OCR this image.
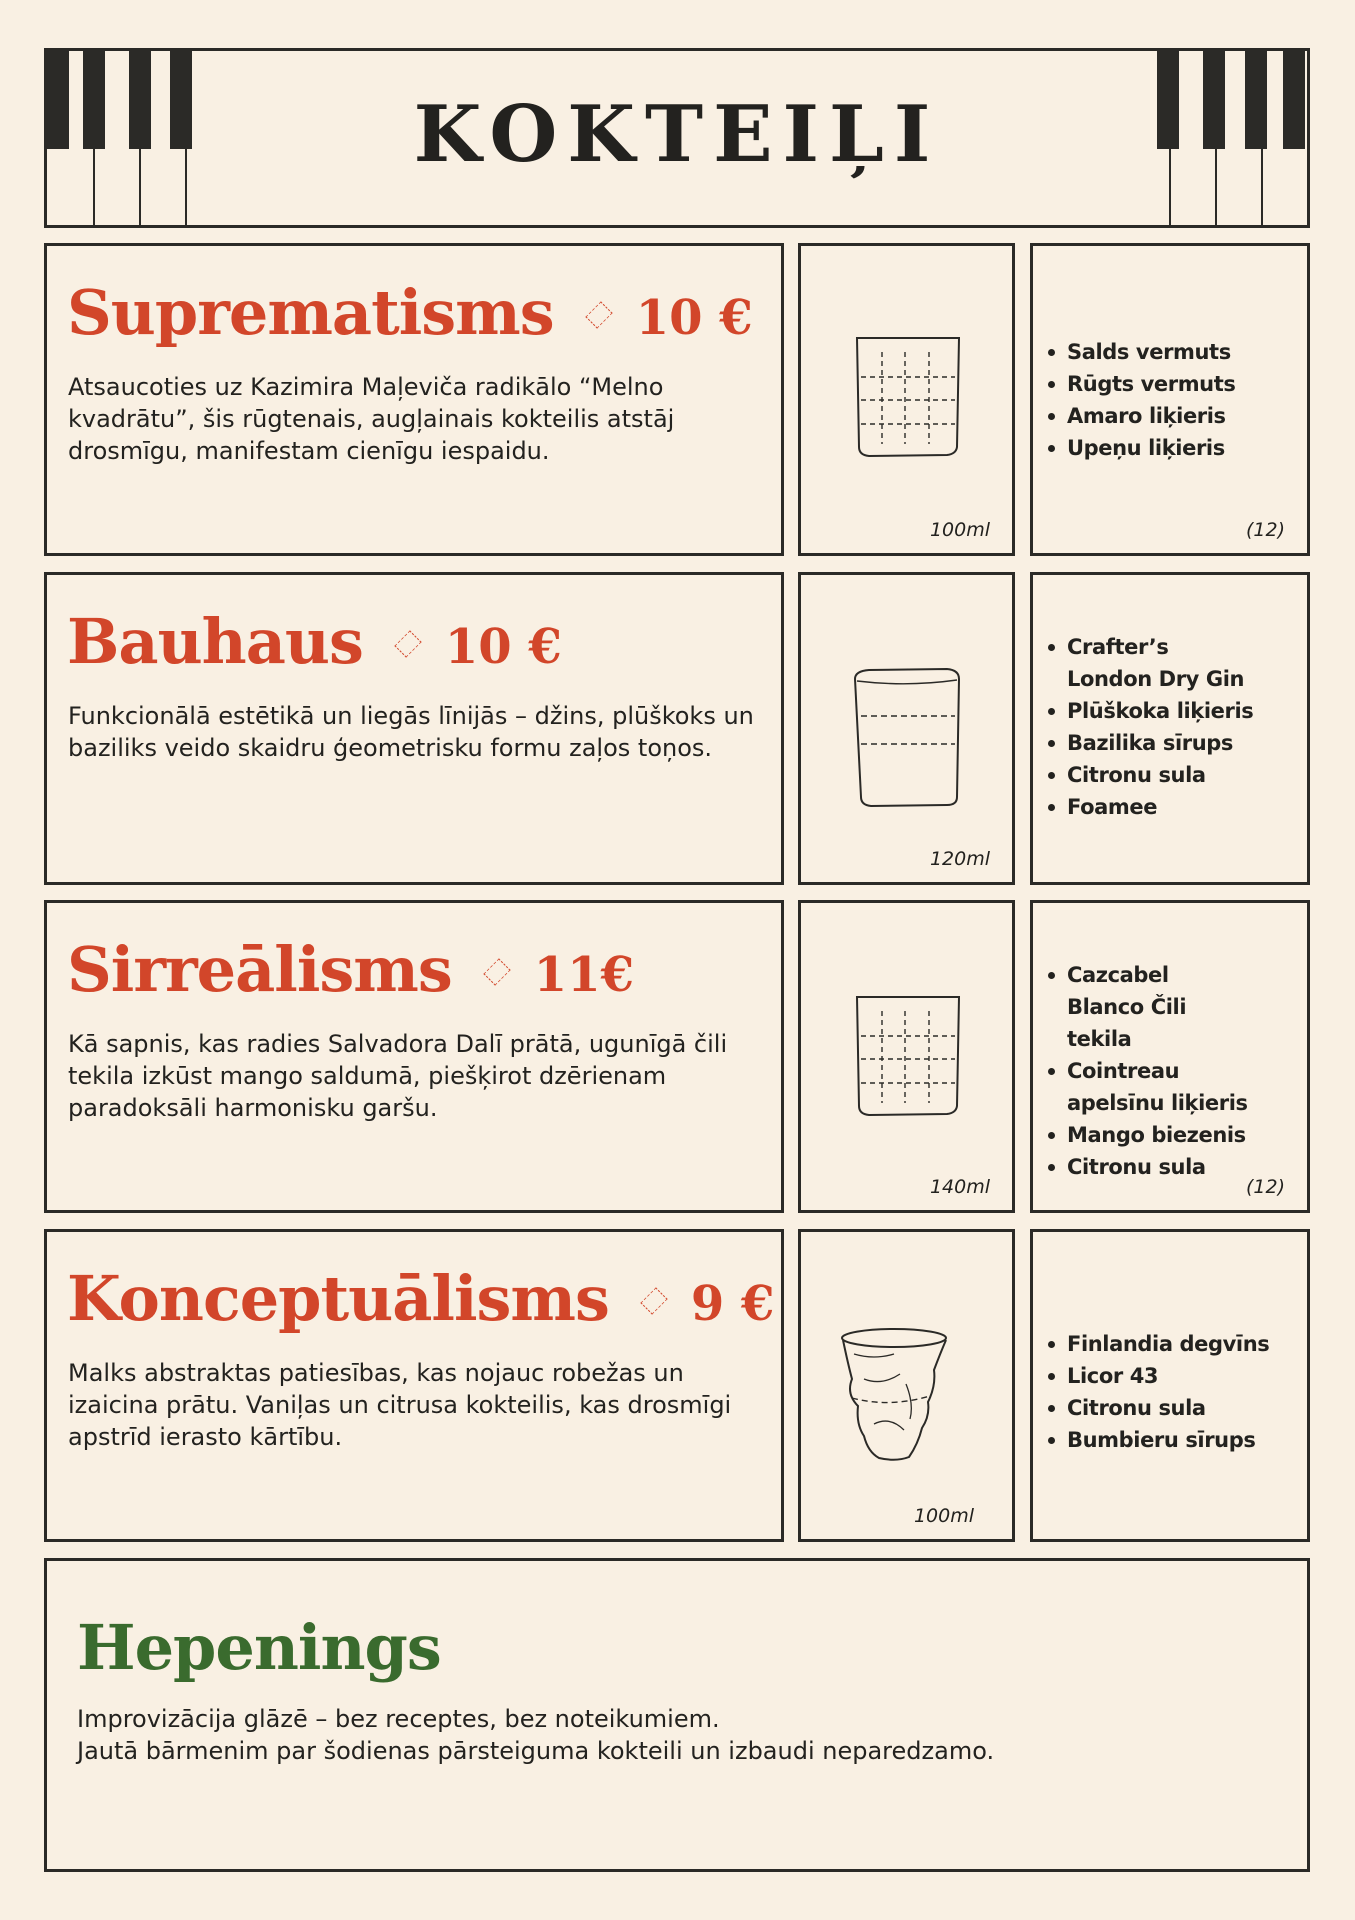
KOKTEIĻI
Suprematisms 10 €
Atsaucoties uz Kazimira Maļeviča radikālo “Melno kvadrātu”, šis rūgtenais, augļainais kokteilis atstāj drosmīgu, manifestam cienīgu iespaidu.
100ml
Salds vermuts
Rūgts vermuts
Amaro liķieris
Upeņu liķieris
(12)
Bauhaus 10 €
Funkcionālā estētikā un liegās līnijās – džins, plūškoks un baziliks veido skaidru ģeometrisku formu zaļos toņos.
120ml
Crafter’s London Dry Gin
Plūškoka liķieris
Bazilika sīrups
Citronu sula
Foamee
Sirreālisms 11€
Kā sapnis, kas radies Salvadora Dalī prātā, ugunīgā čili tekila izkūst mango saldumā, piešķirot dzērienam paradoksāli harmonisku garšu.
140ml
Cazcabel Blanco Čili tekila
Cointreau apelsīnu liķieris
Mango biezenis
Citronu sula
(12)
Konceptuālisms 9 €
Malks abstraktas patiesības, kas nojauc robežas un izaicina prātu. Vaniļas un citrusa kokteilis, kas drosmīgi apstrīd ierasto kārtību.
100ml
Finlandia degvīns
Licor 43
Citronu sula
Bumbieru sīrups
Hepenings
Improvizācija glāzē – bez receptes, bez noteikumiem.
Jautā bārmenim par šodienas pārsteiguma kokteili un izbaudi neparedzamo.
